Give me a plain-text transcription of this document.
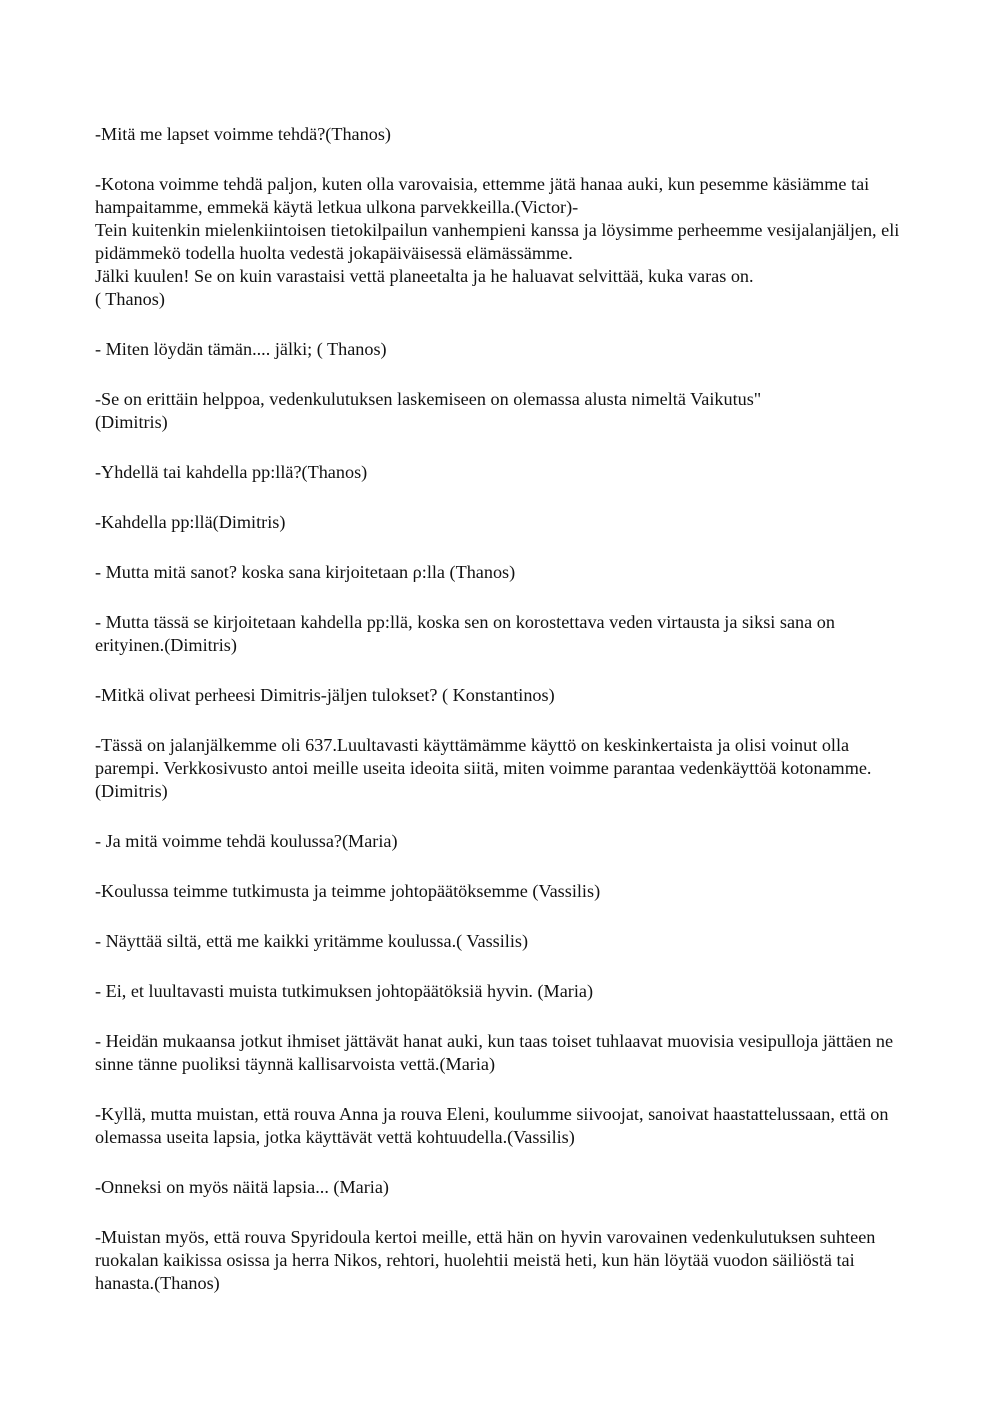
-Mitä me lapset voimme tehdä?(Thanos)

-Kotona voimme tehdä paljon, kuten olla varovaisia, ettemme jätä hanaa auki, kun pesemme käsiämme tai hampaitamme, emmekä käytä letkua ulkona parvekkeilla.(Victor)-
Tein kuitenkin mielenkiintoisen tietokilpailun vanhempieni kanssa ja löysimme perheemme vesijalanjäljen, eli pidämmekö todella huolta vedestä jokapäiväisessä elämässämme.
Jälki kuulen! Se on kuin varastaisi vettä planeetalta ja he haluavat selvittää, kuka varas on.
( Thanos)

- Miten löydän tämän.... jälki; ( Thanos)

-Se on erittäin helppoa, vedenkulutuksen laskemiseen on olemassa alusta nimeltä Vaikutus"
(Dimitris)

-Yhdellä tai kahdella pp:llä?(Thanos)

-Kahdella pp:llä(Dimitris)

- Mutta mitä sanot? koska sana kirjoitetaan ρ:lla (Thanos)

- Mutta tässä se kirjoitetaan kahdella pp:llä, koska sen on korostettava veden virtausta ja siksi sana on erityinen.(Dimitris)

-Mitkä olivat perheesi Dimitris-jäljen tulokset? ( Konstantinos)

-Tässä on jalanjälkemme oli 637.Luultavasti käyttämämme käyttö on keskinkertaista ja olisi voinut olla parempi. Verkkosivusto antoi meille useita ideoita siitä, miten voimme parantaa vedenkäyttöä kotonamme.(Dimitris)

- Ja mitä voimme tehdä koulussa?(Maria)

-Koulussa teimme tutkimusta ja teimme johtopäätöksemme (Vassilis)

- Näyttää siltä, että me kaikki yritämme koulussa.( Vassilis)

- Ei, et luultavasti muista tutkimuksen johtopäätöksiä hyvin. (Maria)

- Heidän mukaansa jotkut ihmiset jättävät hanat auki, kun taas toiset tuhlaavat muovisia vesipulloja jättäen ne sinne tänne puoliksi täynnä kallisarvoista vettä.(Maria)

-Kyllä, mutta muistan, että rouva Anna ja rouva Eleni, koulumme siivoojat, sanoivat haastattelussaan, että on olemassa useita lapsia, jotka käyttävät vettä kohtuudella.(Vassilis)

-Onneksi on myös näitä lapsia... (Maria)

-Muistan myös, että rouva Spyridoula kertoi meille, että hän on hyvin varovainen vedenkulutuksen suhteen ruokalan kaikissa osissa ja herra Nikos, rehtori, huolehtii meistä heti, kun hän löytää vuodon säiliöstä tai hanasta.(Thanos)
